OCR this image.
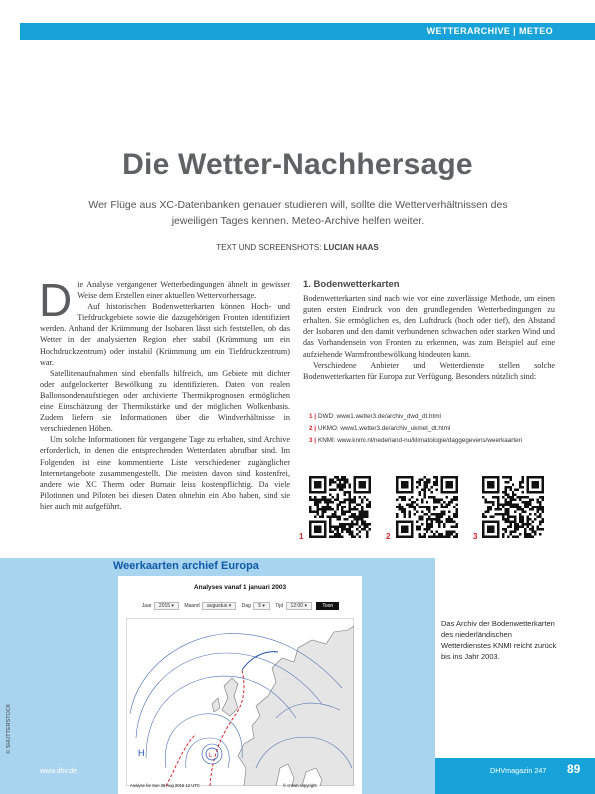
WETTERARCHIVE | METEO
Die Wetter-Nachhersage

Wer Flüge aus XC-Datenbanken genauer studieren will, sollte die Wetterverhältnissen des jeweiligen Tages kennen. Meteo-Archive helfen weiter.

TEXT UND SCREENSHOTS: LUCIAN HAAS

D ie Analyse vergangener Wetterbedingungen ähnelt in gewisser Weise dem Erstellen einer aktuellen Wettervorhersage.

Auf historischen Bodenwetterkarten können Hoch- und Tiefdruckgebiete sowie die dazugehörigen Fronten identifiziert werden. Anhand der Krümmung der Isobaren lässt sich feststellen, ob das Wetter in der analysierten Region eher stabil (Krümmung um ein Hochdruckzentrum) oder instabil (Krümmung um ein Tiefdruckzentrum) war.

Satellitenaufnahmen sind ebenfalls hilfreich, um Gebiete mit dichter oder aufgelockerter Bewölkung zu identifizieren. Daten von realen Ballonsondenaufstiegen oder archivierte Thermikprognosen ermöglichen eine Einschätzung der Thermikstärke und der möglichen Wolkenbasis. Zudem liefern sie Informationen über die Windverhältnisse in verschiedenen Höhen.

Um solche Informationen für vergangene Tage zu erhalten, sind Archive erforderlich, in denen die entsprechenden Wetterdaten abrufbar sind. Im Folgenden ist eine kommentierte Liste verschiedener zugänglicher Internetangebote zusammengestellt. Die meisten davon sind kostenfrei, andere wie XC Therm oder Burnair leiss kostenpflichtig. Da viele Pilotinnen und Piloten bei diesen Daten ohnehin ein Abo haben, sind sie hier auch mit aufgeführt.

1. Bodenwetterkarten

Bodenwetterkarten sind nach wie vor eine zuverlässige Methode, um einen guten ersten Eindruck von den grundlegenden Wetterbedingungen zu erhalten. Sie ermöglichen es, den Luftdruck (hoch oder tief), den Abstand der Isobaren und den damit verbundenen schwachen oder starken Wind und das Vorhandensein von Fronten zu erkennen, was zum Beispiel auf eine aufziehende Warmfrontbewölkung hindeuten kann.

Verschiedene Anbieter und Wetterdienste stellen solche Bodenwetterkarten für Europa zur Verfügung. Besonders nützlich sind:

1 | DWD: www1.wetter3.de/archiv_dwd_dt.html
2 | UKMO: www1.wetter3.de/archiv_ukmet_dt.html
3 | KNMI: www.knmi.nl/nederland-nu/klimatologie/daggegevens/weerkaarten
1	2	3
© SHUTTERSTOCK
Weerkaarten archief Europa
Analyses vanaf 1 januari 2003
Jaar 2015 ▾ Maand augustus ▾ Dag 5 ▾ Tijd 12:00 ▾	Toon
H	L
Analyse for Sun 26 Aug 2015 12 UTC	© crown copyright

Das Archiv der Bodenwetterkarten des niederländischen Wetterdienstes KNMI reicht zurück bis ins Jahr 2003.

www.dhv.de	DHVmagazin 247 89
